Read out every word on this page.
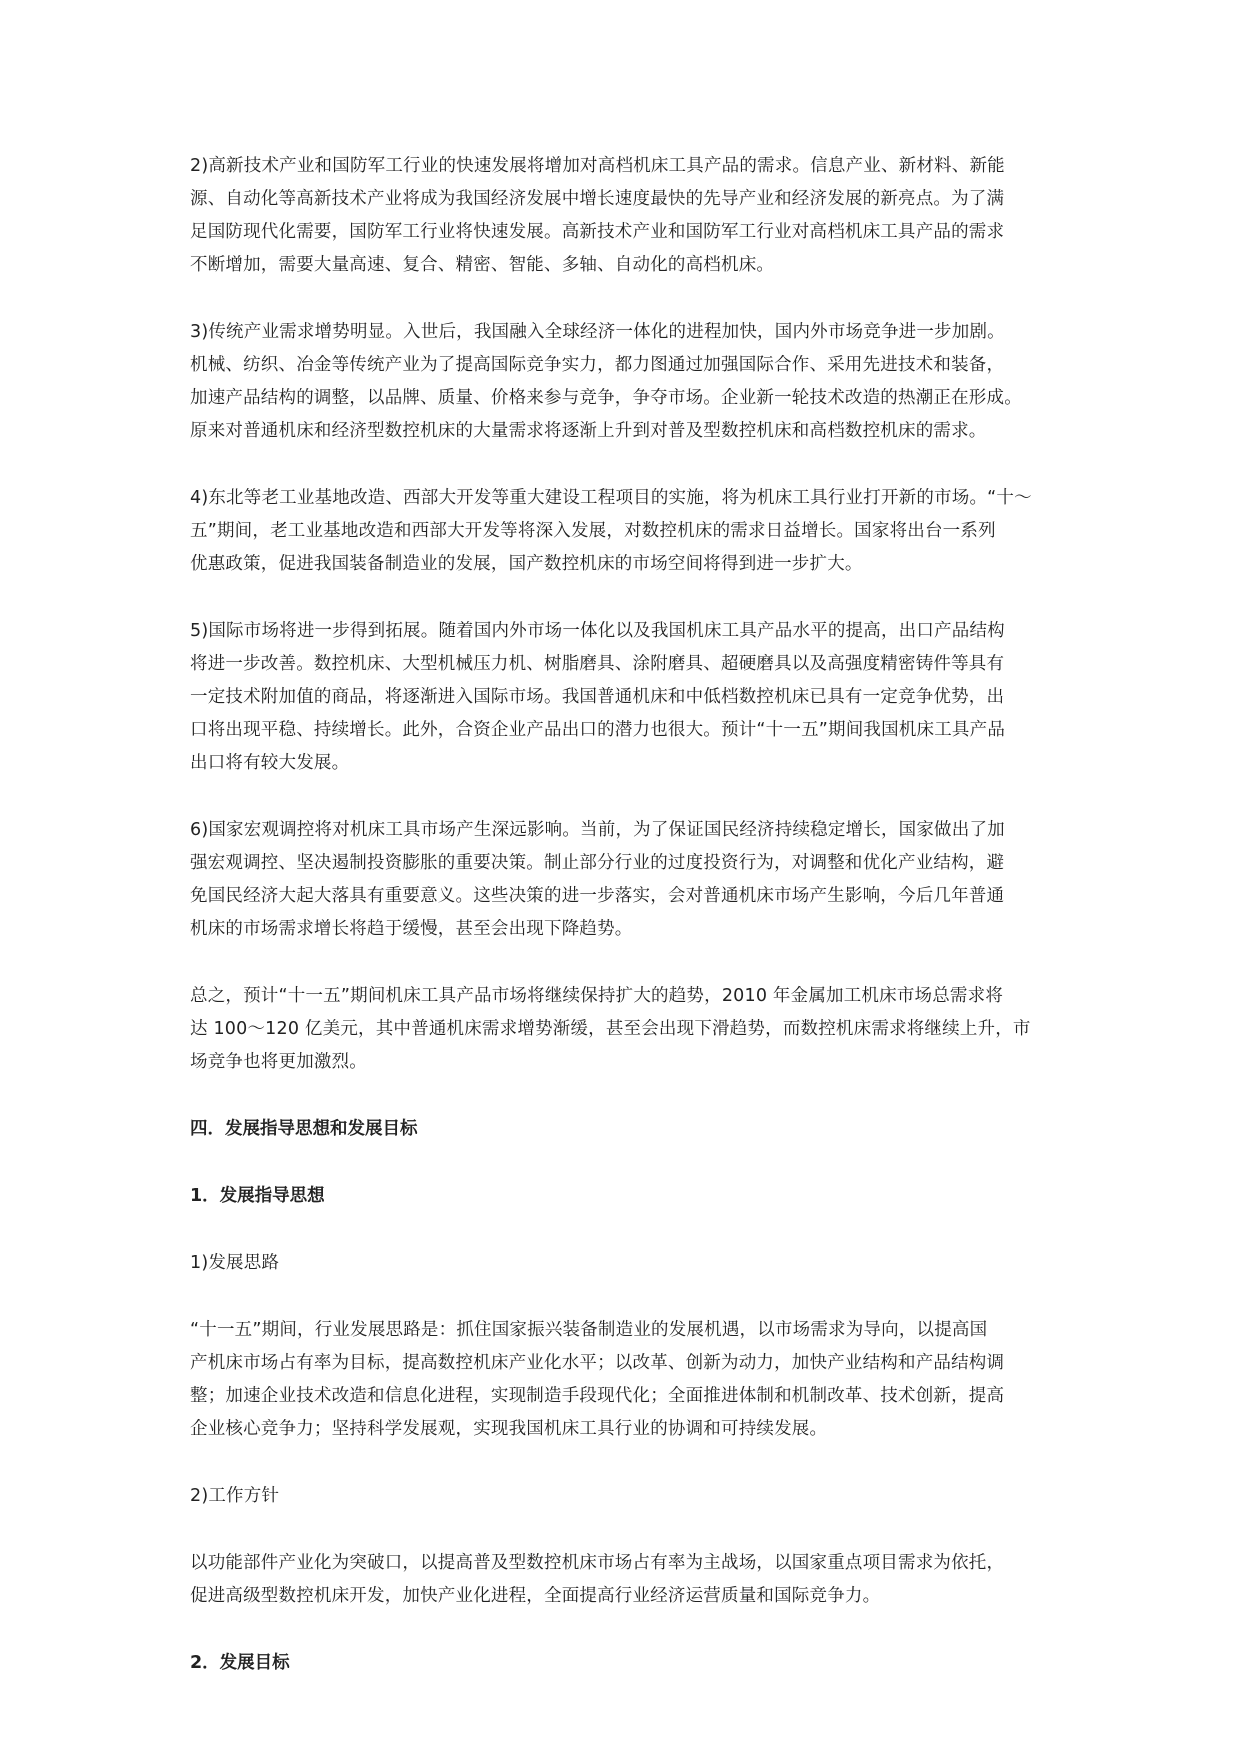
2)高新技术产业和国防军工行业的快速发展将增加对高档机床工具产品的需求。信息产业、新材料、新能
源、自动化等高新技术产业将成为我国经济发展中增长速度最快的先导产业和经济发展的新亮点。为了满
足国防现代化需要，国防军工行业将快速发展。高新技术产业和国防军工行业对高档机床工具产品的需求
不断增加，需要大量高速、复合、精密、智能、多轴、自动化的高档机床。
3)传统产业需求增势明显。入世后，我国融入全球经济一体化的进程加快，国内外市场竞争进一步加剧。
机械、纺织、冶金等传统产业为了提高国际竞争实力，都力图通过加强国际合作、采用先进技术和装备，
加速产品结构的调整，以品牌、质量、价格来参与竞争，争夺市场。企业新一轮技术改造的热潮正在形成。
原来对普通机床和经济型数控机床的大量需求将逐渐上升到对普及型数控机床和高档数控机床的需求。
4)东北等老工业基地改造、西部大开发等重大建设工程项目的实施，将为机床工具行业打开新的市场。“十～
五”期间，老工业基地改造和西部大开发等将深入发展，对数控机床的需求日益增长。国家将出台一系列
优惠政策，促进我国装备制造业的发展，国产数控机床的市场空间将得到进一步扩大。
5)国际市场将进一步得到拓展。随着国内外市场一体化以及我国机床工具产品水平的提高，出口产品结构
将进一步改善。数控机床、大型机械压力机、树脂磨具、涂附磨具、超硬磨具以及高强度精密铸件等具有
一定技术附加值的商品，将逐渐进入国际市场。我国普通机床和中低档数控机床已具有一定竞争优势，出
口将出现平稳、持续增长。此外，合资企业产品出口的潜力也很大。预计“十一五”期间我国机床工具产品
出口将有较大发展。
6)国家宏观调控将对机床工具市场产生深远影响。当前，为了保证国民经济持续稳定增长，国家做出了加
强宏观调控、坚决遏制投资膨胀的重要决策。制止部分行业的过度投资行为，对调整和优化产业结构，避
免国民经济大起大落具有重要意义。这些决策的进一步落实，会对普通机床市场产生影响，今后几年普通
机床的市场需求增长将趋于缓慢，甚至会出现下降趋势。
总之，预计“十一五”期间机床工具产品市场将继续保持扩大的趋势，2010 年金属加工机床市场总需求将
达 100～120 亿美元，其中普通机床需求增势渐缓，甚至会出现下滑趋势，而数控机床需求将继续上升，市
场竞争也将更加激烈。
四．发展指导思想和发展目标
1．发展指导思想
1)发展思路
“十一五”期间，行业发展思路是：抓住国家振兴装备制造业的发展机遇，以市场需求为导向，以提高国
产机床市场占有率为目标，提高数控机床产业化水平；以改革、创新为动力，加快产业结构和产品结构调
整；加速企业技术改造和信息化进程，实现制造手段现代化；全面推进体制和机制改革、技术创新，提高
企业核心竞争力；坚持科学发展观，实现我国机床工具行业的协调和可持续发展。
2)工作方针
以功能部件产业化为突破口，以提高普及型数控机床市场占有率为主战场，以国家重点项目需求为依托，
促进高级型数控机床开发，加快产业化进程，全面提高行业经济运营质量和国际竞争力。
2．发展目标
